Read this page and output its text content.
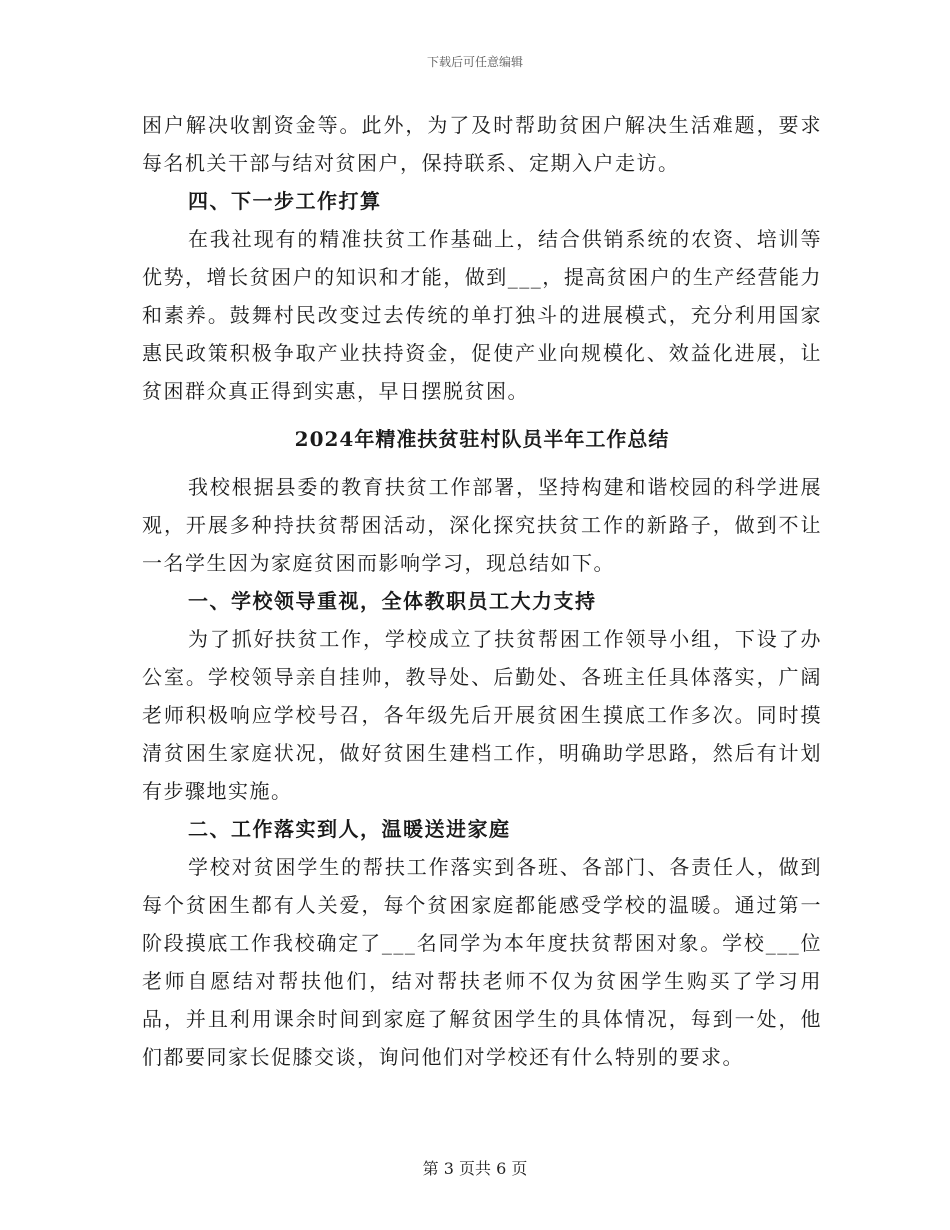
下载后可任意编辑

困户解决收割资金等。此外，为了及时帮助贫困户解决生活难题，要求每名机关干部与结对贫困户，保持联系、定期入户走访。

四、下一步工作打算

在我社现有的精准扶贫工作基础上，结合供销系统的农资、培训等优势，增长贫困户的知识和才能，做到___，提高贫困户的生产经营能力和素养。鼓舞村民改变过去传统的单打独斗的进展模式，充分利用国家惠民政策积极争取产业扶持资金，促使产业向规模化、效益化进展，让贫困群众真正得到实惠，早日摆脱贫困。

2024年精准扶贫驻村队员半年工作总结

我校根据县委的教育扶贫工作部署，坚持构建和谐校园的科学进展观，开展多种持扶贫帮困活动，深化探究扶贫工作的新路子，做到不让一名学生因为家庭贫困而影响学习，现总结如下。

一、学校领导重视，全体教职员工大力支持

为了抓好扶贫工作，学校成立了扶贫帮困工作领导小组，下设了办公室。学校领导亲自挂帅，教导处、后勤处、各班主任具体落实，广阔老师积极响应学校号召，各年级先后开展贫困生摸底工作多次。同时摸清贫困生家庭状况，做好贫困生建档工作，明确助学思路，然后有计划有步骤地实施。

二、工作落实到人，温暖送进家庭

学校对贫困学生的帮扶工作落实到各班、各部门、各责任人，做到每个贫困生都有人关爱，每个贫困家庭都能感受学校的温暖。通过第一阶段摸底工作我校确定了___名同学为本年度扶贫帮困对象。学校___位老师自愿结对帮扶他们，结对帮扶老师不仅为贫困学生购买了学习用品，并且利用课余时间到家庭了解贫困学生的具体情况，每到一处，他们都要同家长促膝交谈，询问他们对学校还有什么特别的要求。

第 3 页共 6 页
